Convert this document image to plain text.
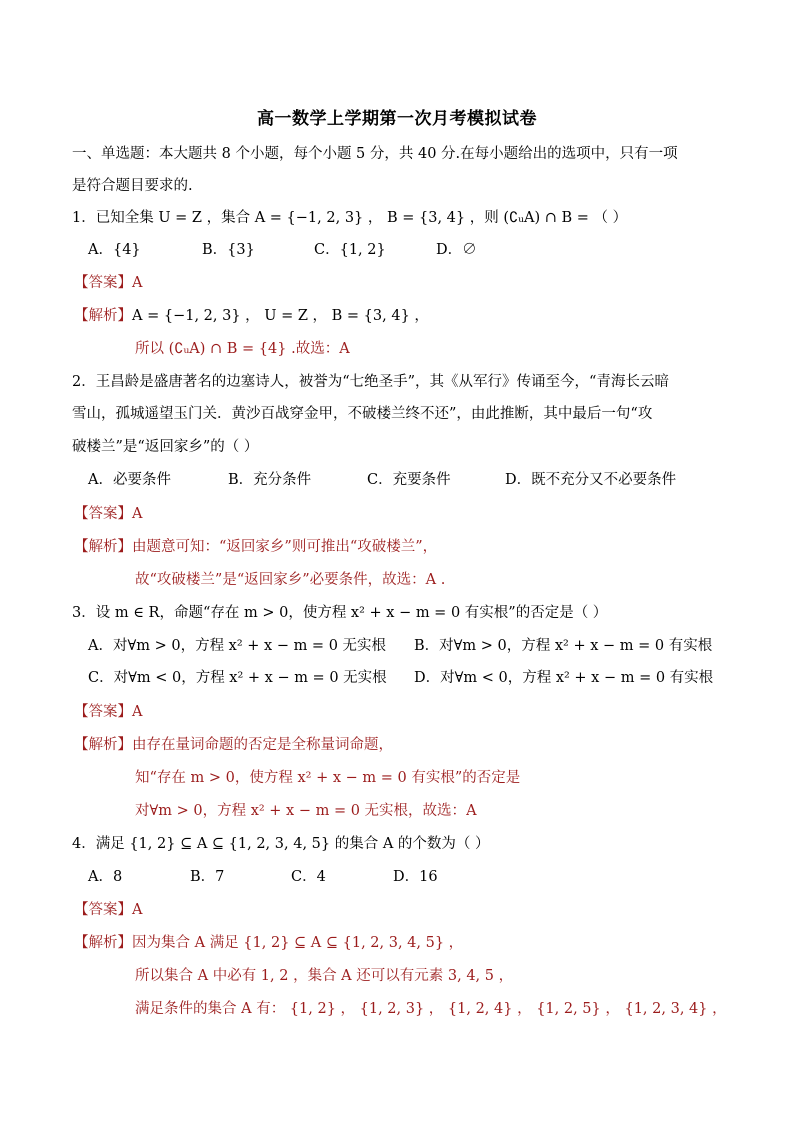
高一数学上学期第一次月考模拟试卷
一、单选题：本大题共 8 个小题，每个小题 5 分，共 40 分.在每小题给出的选项中，只有一项
是符合题目要求的.
1．已知全集 U = Z ，集合 A = {−1, 2, 3} ， B = {3, 4} ，则 (∁ᵤA) ∩ B = （ ）
A．{4}	B．{3}	C．{1, 2}	D．∅
【答案】A
【解析】A = {−1, 2, 3} ， U = Z ， B = {3, 4} ，
所以 (∁ᵤA) ∩ B = {4} .故选：A
2．王昌龄是盛唐著名的边塞诗人，被誉为“七绝圣手”，其《从军行》传诵至今，“青海长云暗
雪山，孤城遥望玉门关．黄沙百战穿金甲，不破楼兰终不还”，由此推断，其中最后一句“攻
破楼兰”是“返回家乡”的（ ）
A．必要条件	B．充分条件	C．充要条件	D．既不充分又不必要条件
【答案】A
【解析】由题意可知：“返回家乡”则可推出“攻破楼兰”，
故“攻破楼兰”是“返回家乡”必要条件，故选：A .
3．设 m ∈ R，命题“存在 m > 0，使方程 x² + x − m = 0 有实根”的否定是（ ）
A．对∀m > 0，方程 x² + x − m = 0 无实根 B．对∀m > 0，方程 x² + x − m = 0 有实根
C．对∀m < 0，方程 x² + x − m = 0 无实根 D．对∀m < 0，方程 x² + x − m = 0 有实根
【答案】A
【解析】由存在量词命题的否定是全称量词命题，
知“存在 m > 0，使方程 x² + x − m = 0 有实根”的否定是
对∀m > 0，方程 x² + x − m = 0 无实根，故选：A
4．满足 {1, 2} ⊆ A ⊆ {1, 2, 3, 4, 5} 的集合 A 的个数为（ ）
A．8	B．7	C．4	D．16
【答案】A
【解析】因为集合 A 满足 {1, 2} ⊆ A ⊆ {1, 2, 3, 4, 5} ，
所以集合 A 中必有 1, 2 ，集合 A 还可以有元素 3, 4, 5 ，
满足条件的集合 A 有： {1, 2} ， {1, 2, 3} ， {1, 2, 4} ， {1, 2, 5} ， {1, 2, 3, 4} ，
